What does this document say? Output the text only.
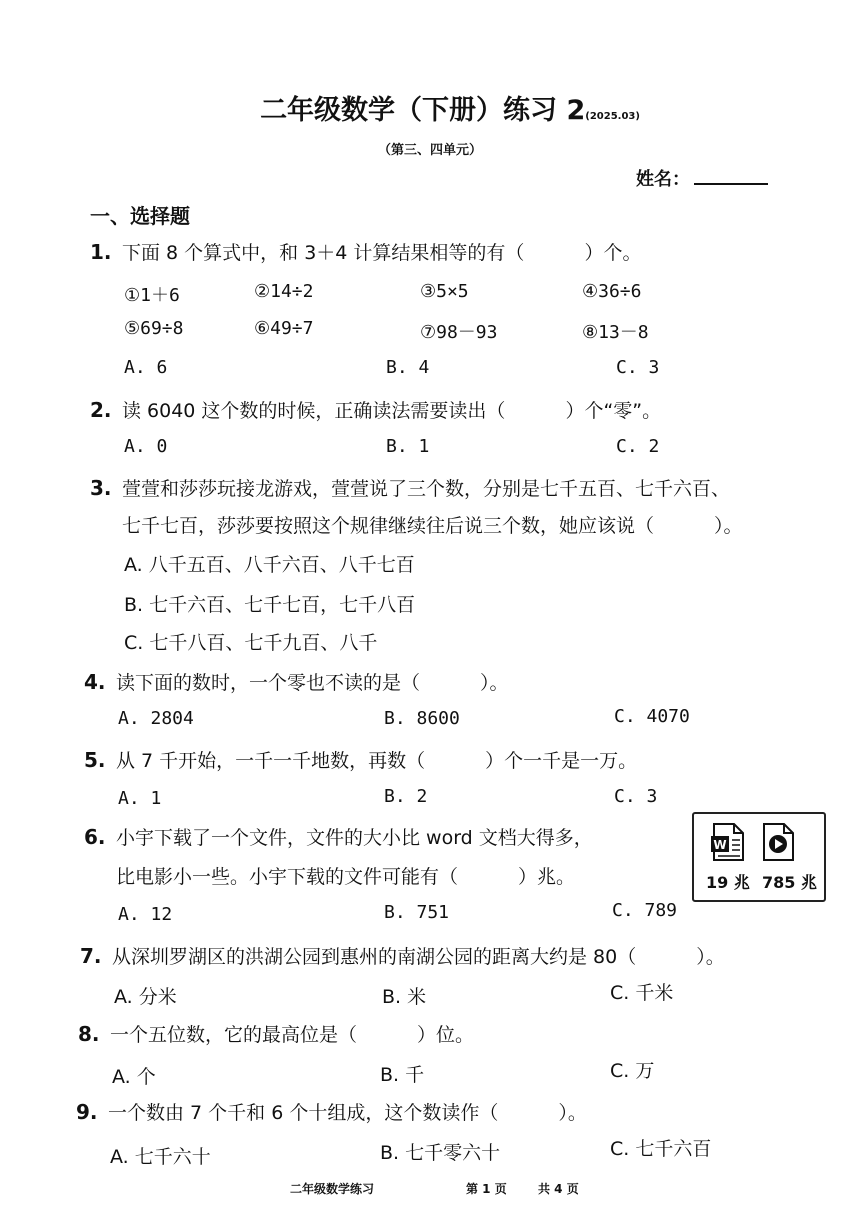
二年级数学（下册）练习 2(2025.03)
（第三、四单元）
姓名：
一、选择题
1. 下面 8 个算式中，和 3＋4 计算结果相等的有（	）个。
①1＋6	②14÷2	③5×5	④36÷6
⑤69÷8	⑥49÷7	⑦98－93	⑧13－8
A. 6	B. 4	C. 3
2. 读 6040 这个数的时候，正确读法需要读出（	）个“零”。
A. 0	B. 1	C. 2
3. 萱萱和莎莎玩接龙游戏，萱萱说了三个数，分别是七千五百、七千六百、
七千七百，莎莎要按照这个规律继续往后说三个数，她应该说（	）。
A. 八千五百、八千六百、八千七百
B. 七千六百、七千七百，七千八百
C. 七千八百、七千九百、八千
4. 读下面的数时，一个零也不读的是（	）。
A. 2804	B. 8600	C. 4070
5. 从 7 千开始，一千一千地数，再数（	）个一千是一万。
A. 1	B. 2	C. 3
6. 小宇下载了一个文件，文件的大小比 word 文档大得多，
比电影小一些。小宇下载的文件可能有（	）兆。
A. 12	B. 751	C. 789
W
19 兆 785 兆
7. 从深圳罗湖区的洪湖公园到惠州的南湖公园的距离大约是 80（	）。
A. 分米	B. 米	C. 千米
8. 一个五位数，它的最高位是（	）位。
A. 个	B. 千	C. 万
9. 一个数由 7 个千和 6 个十组成，这个数读作（	）。
A. 七千六十	B. 七千零六十	C. 七千六百
二年级数学练习	第 1 页	共 4 页
